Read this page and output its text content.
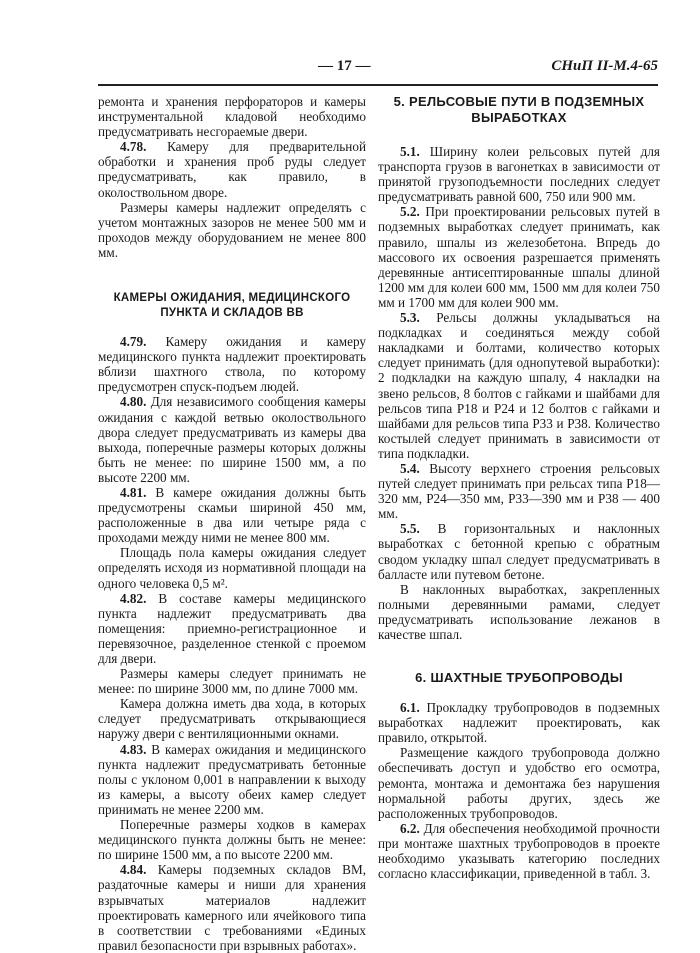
— 17 —	СНиП II-М.4-65

ремонта и хранения перфораторов и камеры инструментальной кладовой необходимо предусматривать несгораемые двери.

4.78. Камеру для предварительной обработки и хранения проб руды следует предусматривать, как правило, в околоствольном дворе.

Размеры камеры надлежит определять с учетом монтажных зазоров не менее 500 мм и проходов между оборудованием не менее 800 мм.

КАМЕРЫ ОЖИДАНИЯ, МЕДИЦИНСКОГО ПУНКТА И СКЛАДОВ ВВ

4.79. Камеру ожидания и камеру медицинского пункта надлежит проектировать вблизи шахтного ствола, по которому предусмотрен спуск-подъем людей.

4.80. Для независимого сообщения камеры ожидания с каждой ветвью околоствольного двора следует предусматривать из камеры два выхода, поперечные размеры которых должны быть не менее: по ширине 1500 мм, а по высоте 2200 мм.

4.81. В камере ожидания должны быть предусмотрены скамьи шириной 450 мм, расположенные в два или четыре ряда с проходами между ними не менее 800 мм.

Площадь пола камеры ожидания следует определять исходя из нормативной площади на одного человека 0,5 м².

4.82. В составе камеры медицинского пункта надлежит предусматривать два помещения: приемно-регистрационное и перевязочное, разделенное стенкой с проемом для двери.

Размеры камеры следует принимать не менее: по ширине 3000 мм, по длине 7000 мм.

Камера должна иметь два хода, в которых следует предусматривать открывающиеся наружу двери с вентиляционными окнами.

4.83. В камерах ожидания и медицинского пункта надлежит предусматривать бетонные полы с уклоном 0,001 в направлении к выходу из камеры, а высоту обеих камер следует принимать не менее 2200 мм.

Поперечные размеры ходков в камерах медицинского пункта должны быть не менее: по ширине 1500 мм, а по высоте 2200 мм.

4.84. Камеры подземных складов ВМ, раздаточные камеры и ниши для хранения взрывчатых материалов надлежит проектировать камерного или ячейкового типа в соответствии с требованиями «Единых правил безопасности при взрывных работах».

5. РЕЛЬСОВЫЕ ПУТИ В ПОДЗЕМНЫХ ВЫРАБОТКАХ

5.1. Ширину колеи рельсовых путей для транспорта грузов в вагонетках в зависимости от принятой грузоподъемности последних следует предусматривать равной 600, 750 или 900 мм.

5.2. При проектировании рельсовых путей в подземных выработках следует принимать, как правило, шпалы из железобетона. Впредь до массового их освоения разрешается применять деревянные антисептированные шпалы длиной 1200 мм для колеи 600 мм, 1500 мм для колеи 750 мм и 1700 мм для колеи 900 мм.

5.3. Рельсы должны укладываться на подкладках и соединяться между собой накладками и болтами, количество которых следует принимать (для однопутевой выработки): 2 подкладки на каждую шпалу, 4 накладки на звено рельсов, 8 болтов с гайками и шайбами для рельсов типа Р18 и Р24 и 12 болтов с гайками и шайбами для рельсов типа Р33 и Р38. Количество костылей следует принимать в зависимости от типа подкладки.

5.4. Высоту верхнего строения рельсовых путей следует принимать при рельсах типа Р18—320 мм, Р24—350 мм, Р33—390 мм и Р38 — 400 мм.

5.5. В горизонтальных и наклонных выработках с бетонной крепью с обратным сводом укладку шпал следует предусматривать в балласте или путевом бетоне.

В наклонных выработках, закрепленных полными деревянными рамами, следует предусматривать использование лежанов в качестве шпал.

6. ШАХТНЫЕ ТРУБОПРОВОДЫ

6.1. Прокладку трубопроводов в подземных выработках надлежит проектировать, как правило, открытой.

Размещение каждого трубопровода должно обеспечивать доступ и удобство его осмотра, ремонта, монтажа и демонтажа без нарушения нормальной работы других, здесь же расположенных трубопроводов.

6.2. Для обеспечения необходимой прочности при монтаже шахтных трубопроводов в проекте необходимо указывать категорию последних согласно классификации, приведенной в табл. 3.
